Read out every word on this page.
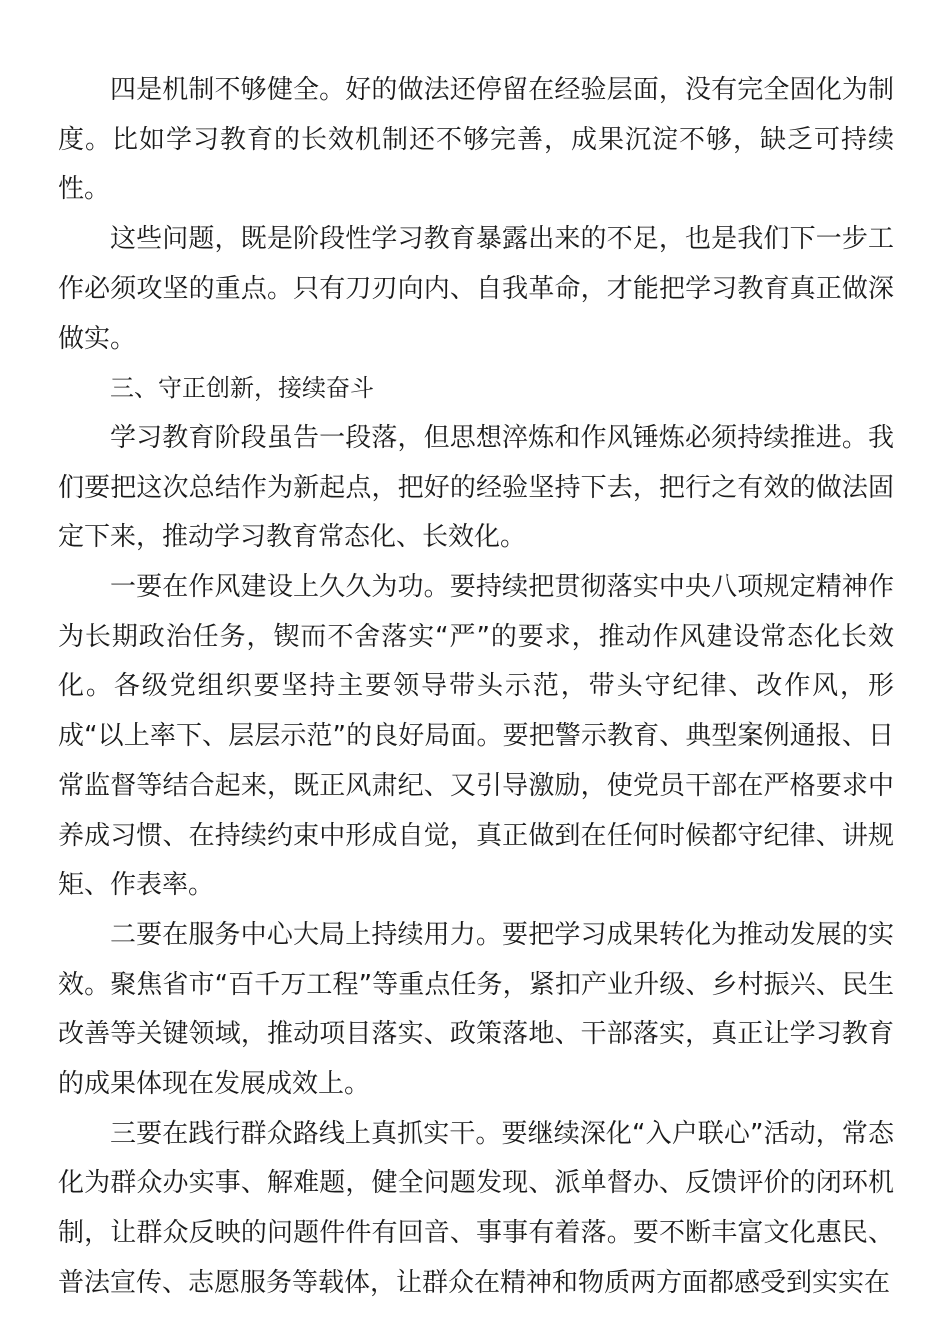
四是机制不够健全。好的做法还停留在经验层面，没有完全固化为制度。比如学习教育的长效机制还不够完善，成果沉淀不够，缺乏可持续性。

这些问题，既是阶段性学习教育暴露出来的不足，也是我们下一步工作必须攻坚的重点。只有刀刃向内、自我革命，才能把学习教育真正做深做实。

三、守正创新，接续奋斗

学习教育阶段虽告一段落，但思想淬炼和作风锤炼必须持续推进。我们要把这次总结作为新起点，把好的经验坚持下去，把行之有效的做法固定下来，推动学习教育常态化、长效化。

一要在作风建设上久久为功。要持续把贯彻落实中央八项规定精神作为长期政治任务，锲而不舍落实“严”的要求，推动作风建设常态化长效化。各级党组织要坚持主要领导带头示范，带头守纪律、改作风，形成“以上率下、层层示范”的良好局面。要把警示教育、典型案例通报、日常监督等结合起来，既正风肃纪、又引导激励，使党员干部在严格要求中养成习惯、在持续约束中形成自觉，真正做到在任何时候都守纪律、讲规矩、作表率。

二要在服务中心大局上持续用力。要把学习成果转化为推动发展的实效。聚焦省市“百千万工程”等重点任务，紧扣产业升级、乡村振兴、民生改善等关键领域，推动项目落实、政策落地、干部落实，真正让学习教育的成果体现在发展成效上。

三要在践行群众路线上真抓实干。要继续深化“入户联心”活动，常态化为群众办实事、解难题，健全问题发现、派单督办、反馈评价的闭环机制，让群众反映的问题件件有回音、事事有着落。要不断丰富文化惠民、普法宣传、志愿服务等载体，让群众在精神和物质两方面都感受到实实在
